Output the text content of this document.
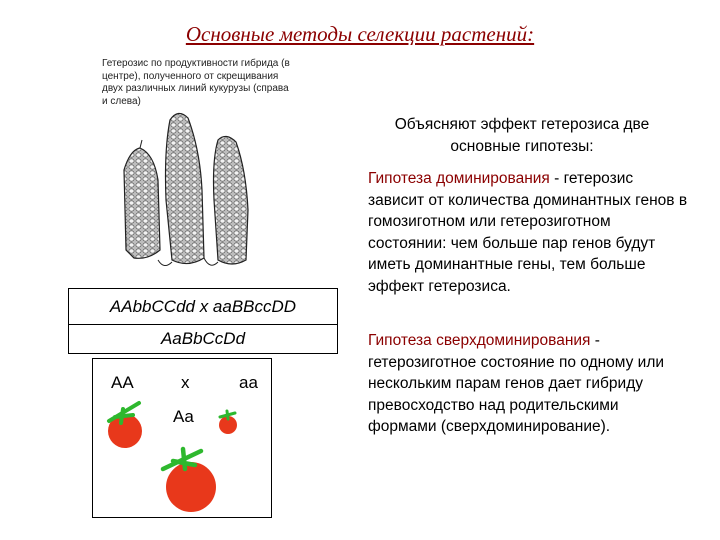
Основные методы селекции растений:
Гетерозис по продуктивности гибрида (в центре), полученного от скрещивания двух различных линий кукурузы (справа и слева)
AAbbCCdd x aaBBccDD
AaBbCcDd
AA	x	aa
Aa
Объясняют эффект гетерозиса две основные гипотезы:
Гипотеза доминирования - гетерозис зависит от количества доминантных генов в гомозиготном или гетерозиготном состоянии: чем больше пар генов будут иметь доминантные гены, тем больше эффект гетерозиса.
Гипотеза сверхдоминирования - гетерозиготное состояние по одному или нескольким парам генов дает гибриду превосходство над родительскими формами (сверхдоминирование).
